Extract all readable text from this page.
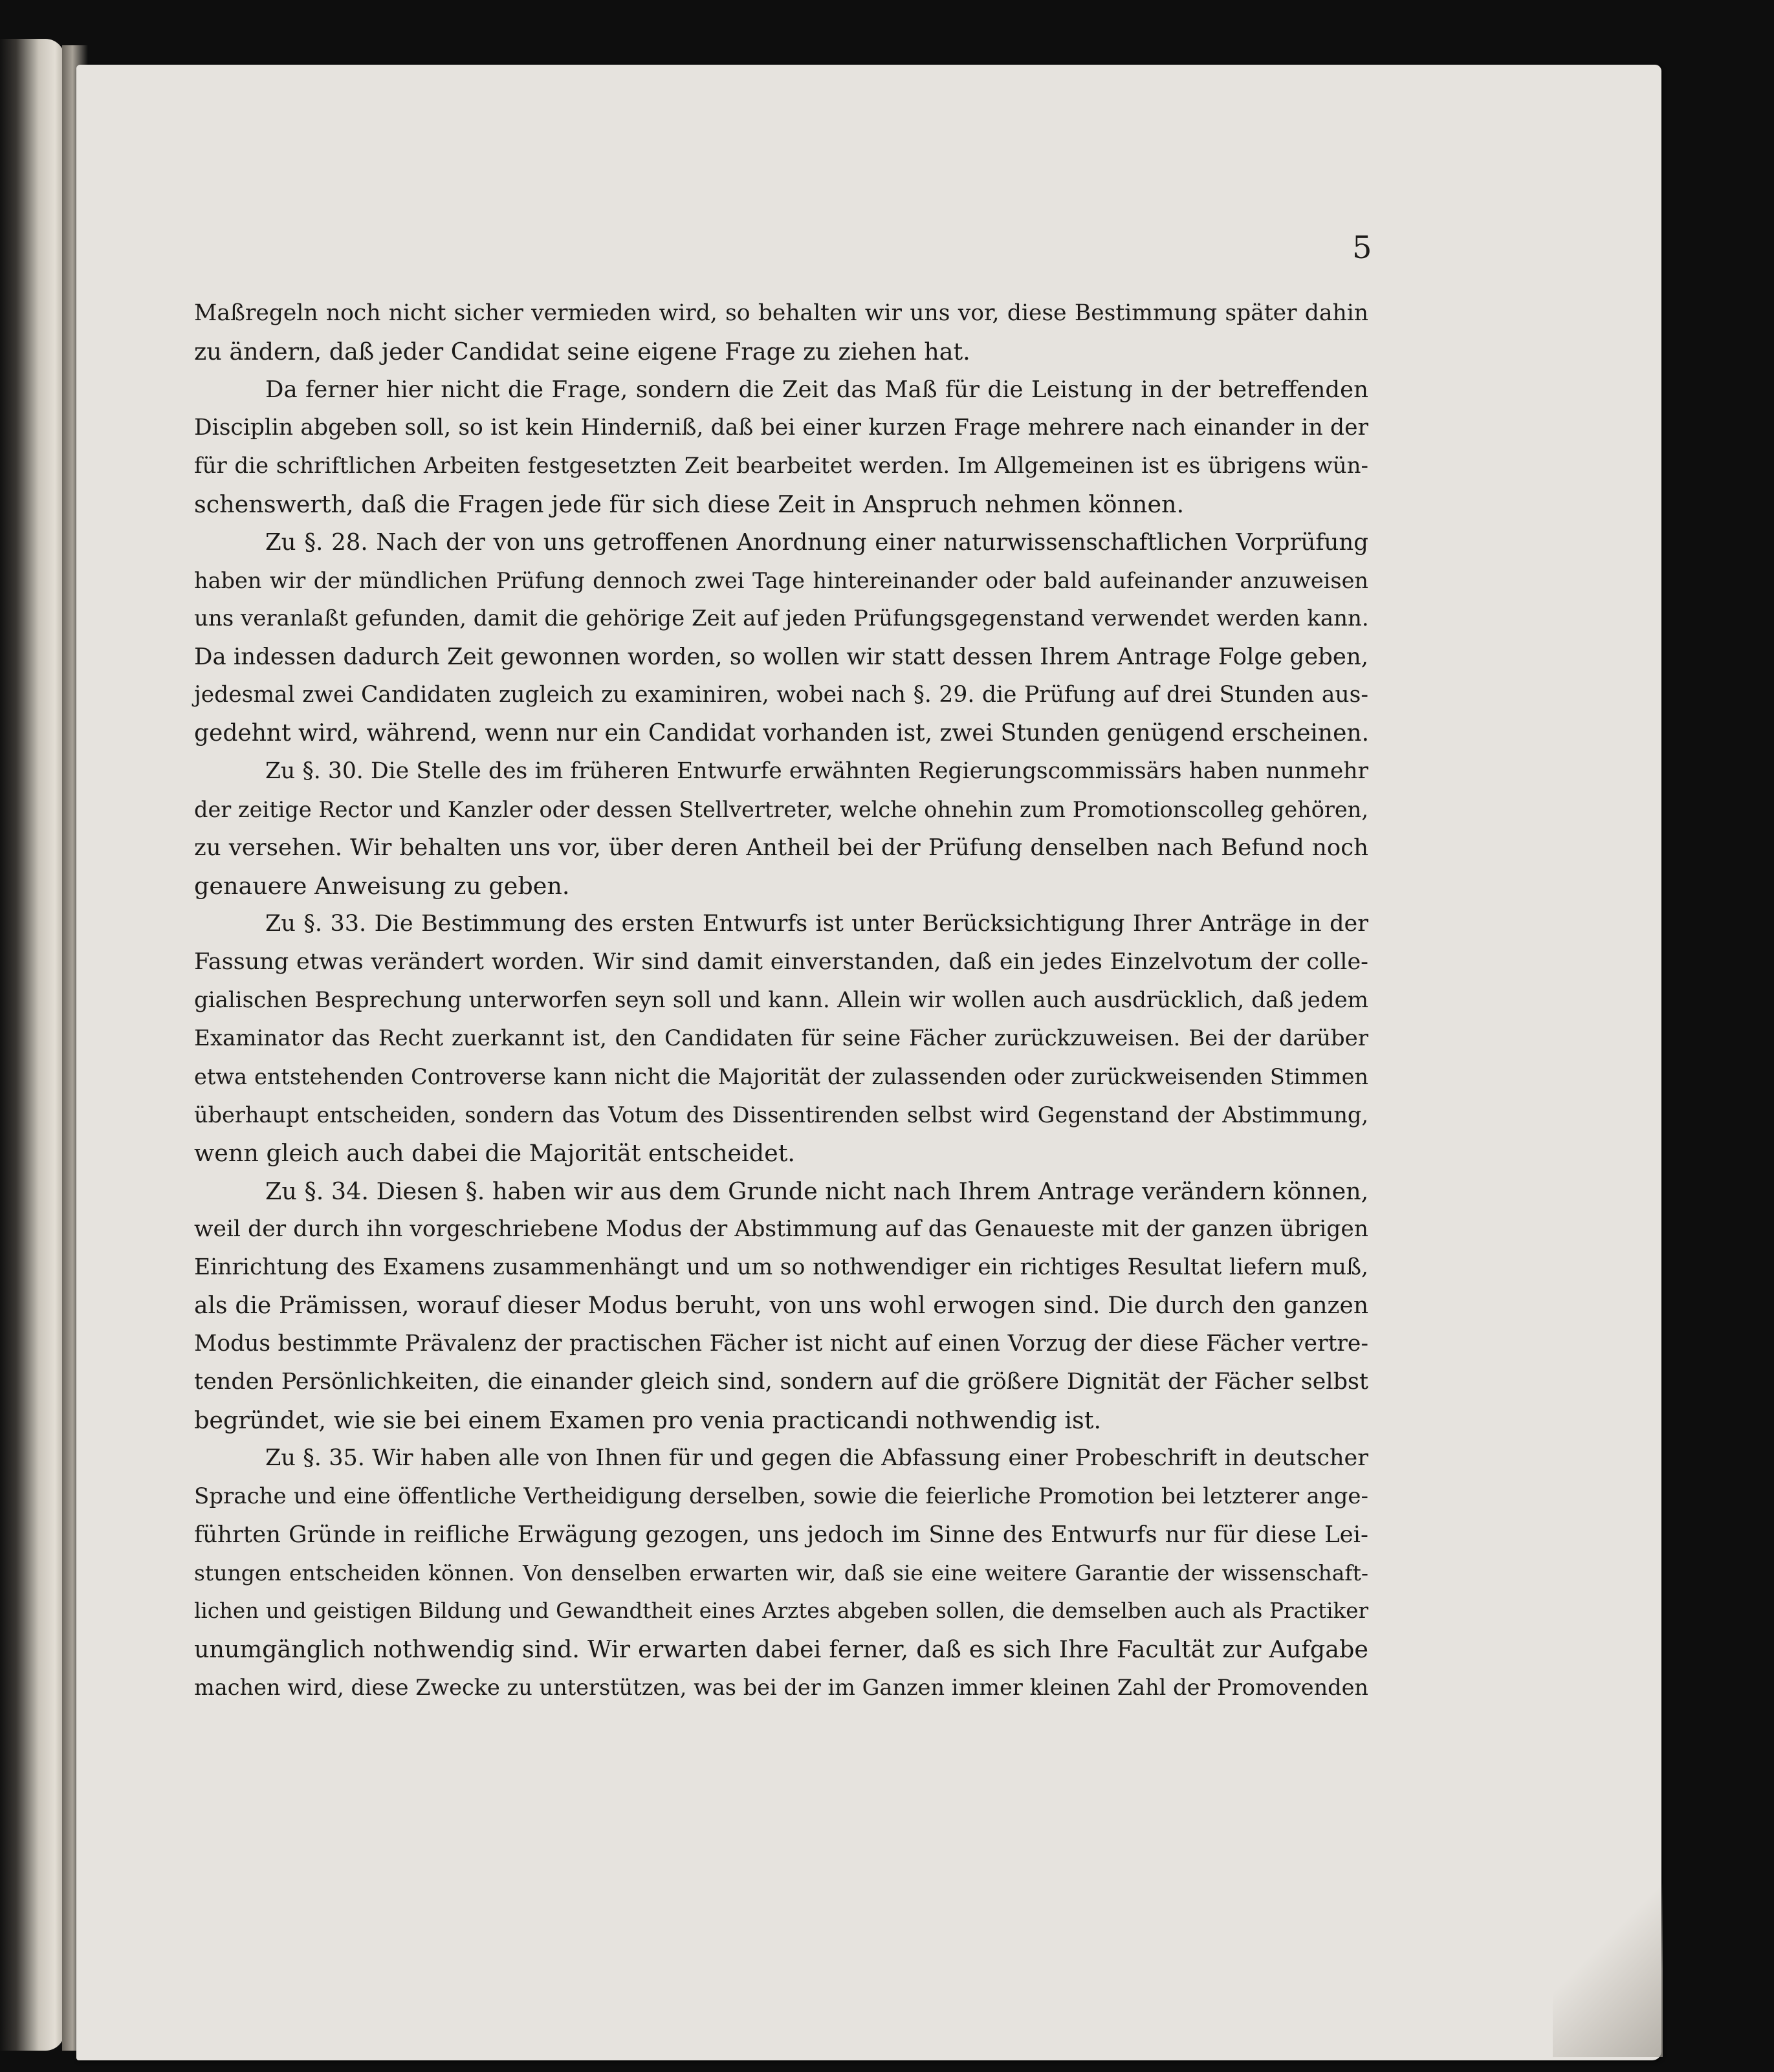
5
Maßregeln noch nicht sicher vermieden wird, so behalten wir uns vor, diese Bestimmung später dahin
zu ändern, daß jeder Candidat seine eigene Frage zu ziehen hat.
Da ferner hier nicht die Frage, sondern die Zeit das Maß für die Leistung in der betreffenden
Disciplin abgeben soll, so ist kein Hinderniß, daß bei einer kurzen Frage mehrere nach einander in der
für die schriftlichen Arbeiten festgesetzten Zeit bearbeitet werden. Im Allgemeinen ist es übrigens wün-
schenswerth, daß die Fragen jede für sich diese Zeit in Anspruch nehmen können.
Zu §. 28. Nach der von uns getroffenen Anordnung einer naturwissenschaftlichen Vorprüfung
haben wir der mündlichen Prüfung dennoch zwei Tage hintereinander oder bald aufeinander anzuweisen
uns veranlaßt gefunden, damit die gehörige Zeit auf jeden Prüfungsgegenstand verwendet werden kann.
Da indessen dadurch Zeit gewonnen worden, so wollen wir statt dessen Ihrem Antrage Folge geben,
jedesmal zwei Candidaten zugleich zu examiniren, wobei nach §. 29. die Prüfung auf drei Stunden aus-
gedehnt wird, während, wenn nur ein Candidat vorhanden ist, zwei Stunden genügend erscheinen.
Zu §. 30. Die Stelle des im früheren Entwurfe erwähnten Regierungscommissärs haben nunmehr
der zeitige Rector und Kanzler oder dessen Stellvertreter, welche ohnehin zum Promotionscolleg gehören,
zu versehen. Wir behalten uns vor, über deren Antheil bei der Prüfung denselben nach Befund noch
genauere Anweisung zu geben.
Zu §. 33. Die Bestimmung des ersten Entwurfs ist unter Berücksichtigung Ihrer Anträge in der
Fassung etwas verändert worden. Wir sind damit einverstanden, daß ein jedes Einzelvotum der colle-
gialischen Besprechung unterworfen seyn soll und kann. Allein wir wollen auch ausdrücklich, daß jedem
Examinator das Recht zuerkannt ist, den Candidaten für seine Fächer zurückzuweisen. Bei der darüber
etwa entstehenden Controverse kann nicht die Majorität der zulassenden oder zurückweisenden Stimmen
überhaupt entscheiden, sondern das Votum des Dissentirenden selbst wird Gegenstand der Abstimmung,
wenn gleich auch dabei die Majorität entscheidet.
Zu §. 34. Diesen §. haben wir aus dem Grunde nicht nach Ihrem Antrage verändern können,
weil der durch ihn vorgeschriebene Modus der Abstimmung auf das Genaueste mit der ganzen übrigen
Einrichtung des Examens zusammenhängt und um so nothwendiger ein richtiges Resultat liefern muß,
als die Prämissen, worauf dieser Modus beruht, von uns wohl erwogen sind. Die durch den ganzen
Modus bestimmte Prävalenz der practischen Fächer ist nicht auf einen Vorzug der diese Fächer vertre-
tenden Persönlichkeiten, die einander gleich sind, sondern auf die größere Dignität der Fächer selbst
begründet, wie sie bei einem Examen pro venia practicandi nothwendig ist.
Zu §. 35. Wir haben alle von Ihnen für und gegen die Abfassung einer Probeschrift in deutscher
Sprache und eine öffentliche Vertheidigung derselben, sowie die feierliche Promotion bei letzterer ange-
führten Gründe in reifliche Erwägung gezogen, uns jedoch im Sinne des Entwurfs nur für diese Lei-
stungen entscheiden können. Von denselben erwarten wir, daß sie eine weitere Garantie der wissenschaft-
lichen und geistigen Bildung und Gewandtheit eines Arztes abgeben sollen, die demselben auch als Practiker
unumgänglich nothwendig sind. Wir erwarten dabei ferner, daß es sich Ihre Facultät zur Aufgabe
machen wird, diese Zwecke zu unterstützen, was bei der im Ganzen immer kleinen Zahl der Promovenden
